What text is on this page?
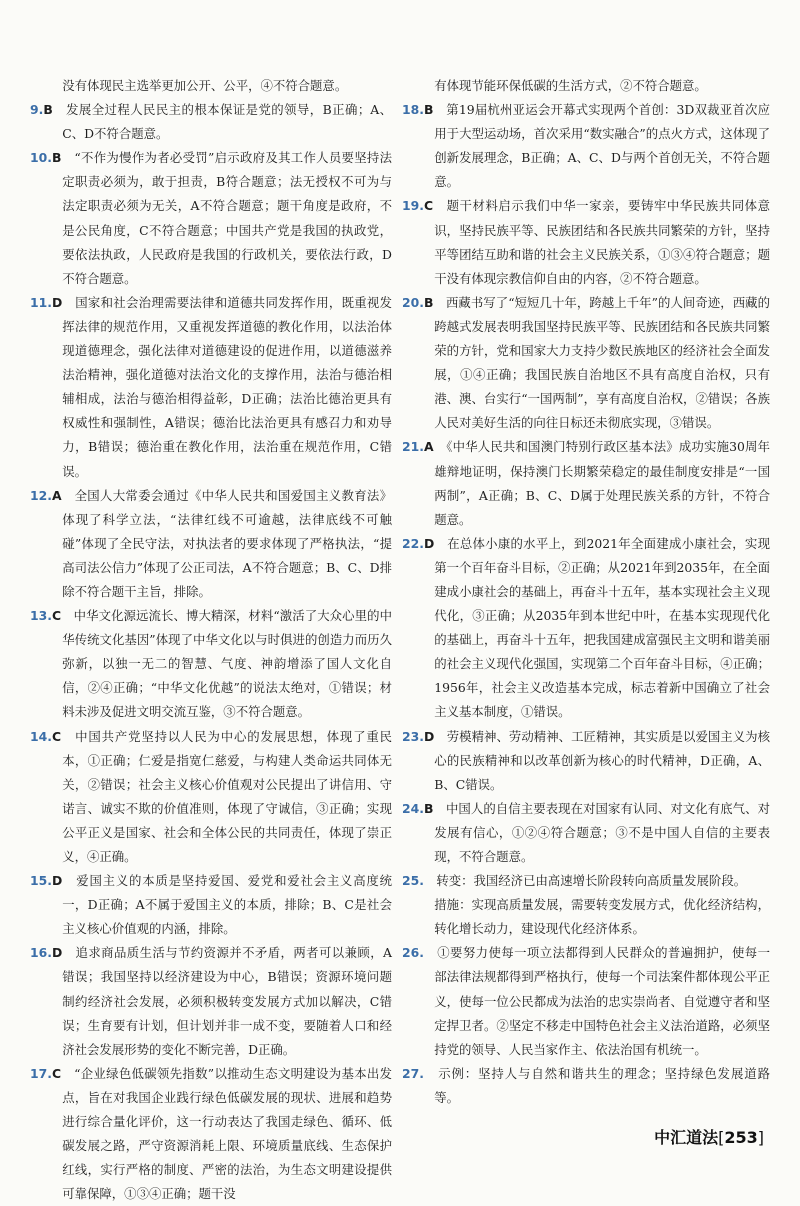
没有体现民主选举更加公开、公平，④不符合题意。

9.B　 发展全过程人民民主的根本保证是党的领导，B正确；A、C、D不符合题意。

10.B　 “不作为慢作为者必受罚”启示政府及其工作人员要坚持法定职责必须为，敢于担责，B符合题意；法无授权不可为与法定职责必须为无关，A不符合题意；题干角度是政府，不是公民角度，C不符合题意；中国共产党是我国的执政党，要依法执政，人民政府是我国的行政机关，要依法行政，D不符合题意。

11.D　 国家和社会治理需要法律和道德共同发挥作用，既重视发挥法律的规范作用，又重视发挥道德的教化作用，以法治体现道德理念，强化法律对道德建设的促进作用，以道德滋养法治精神，强化道德对法治文化的支撑作用，法治与德治相辅相成，法治与德治相得益彰，D正确；法治比德治更具有权威性和强制性，A错误；德治比法治更具有感召力和劝导力，B错误；德治重在教化作用，法治重在规范作用，C错误。

12.A　 全国人大常委会通过《中华人民共和国爱国主义教育法》体现了科学立法，“法律红线不可逾越，法律底线不可触碰”体现了全民守法，对执法者的要求体现了严格执法，“提高司法公信力”体现了公正司法，A不符合题意；B、C、D排除不符合题干主旨，排除。

13.C　 中华文化源远流长、博大精深，材料“激活了大众心里的中华传统文化基因”体现了中华文化以与时俱进的创造力而历久弥新，以独一无二的智慧、气度、神韵增添了国人文化自信，②④正确；“中华文化优越”的说法太绝对，①错误；材料未涉及促进文明交流互鉴，③不符合题意。

14.C　 中国共产党坚持以人民为中心的发展思想，体现了重民本，①正确；仁爱是指宽仁慈爱，与构建人类命运共同体无关，②错误；社会主义核心价值观对公民提出了讲信用、守诺言、诚实不欺的价值准则，体现了守诚信，③正确；实现公平正义是国家、社会和全体公民的共同责任，体现了崇正义，④正确。

15.D　 爱国主义的本质是坚持爱国、爱党和爱社会主义高度统一，D正确；A不属于爱国主义的本质，排除；B、C是社会主义核心价值观的内涵，排除。

16.D　 追求商品质生活与节约资源并不矛盾，两者可以兼顾，A错误；我国坚持以经济建设为中心，B错误；资源环境问题制约经济社会发展，必须积极转变发展方式加以解决，C错误；生育要有计划，但计划并非一成不变，要随着人口和经济社会发展形势的变化不断完善，D正确。

17.C　 “企业绿色低碳领先指数”以推动生态文明建设为基本出发点，旨在对我国企业践行绿色低碳发展的现状、进展和趋势进行综合量化评价，这一行动表达了我国走绿色、循环、低碳发展之路，严守资源消耗上限、环境质量底线、生态保护红线，实行严格的制度、严密的法治，为生态文明建设提供可靠保障，①③④正确；题干没

有体现节能环保低碳的生活方式，②不符合题意。

18.B　 第19届杭州亚运会开幕式实现两个首创：3D双裁亚首次应用于大型运动场，首次采用“数实融合”的点火方式，这体现了创新发展理念，B正确；A、C、D与两个首创无关，不符合题意。

19.C　 题干材料启示我们中华一家亲，要铸牢中华民族共同体意识，坚持民族平等、民族团结和各民族共同繁荣的方针，坚持平等团结互助和谐的社会主义民族关系，①③④符合题意；题干没有体现宗教信仰自由的内容，②不符合题意。

20.B　 西藏书写了“短短几十年，跨越上千年”的人间奇迹，西藏的跨越式发展表明我国坚持民族平等、民族团结和各民族共同繁荣的方针，党和国家大力支持少数民族地区的经济社会全面发展，①④正确；我国民族自治地区不具有高度自治权，只有港、澳、台实行“一国两制”，享有高度自治权，②错误；各族人民对美好生活的向往日标还未彻底实现，③错误。

21.A　 《中华人民共和国澳门特别行政区基本法》成功实施30周年雄辩地证明，保持澳门长期繁荣稳定的最佳制度安排是“一国两制”，A正确；B、C、D属于处理民族关系的方针，不符合题意。

22.D　 在总体小康的水平上，到2021年全面建成小康社会，实现第一个百年奋斗目标，②正确；从2021年到2035年，在全面建成小康社会的基础上，再奋斗十五年，基本实现社会主义现代化，③正确；从2035年到本世纪中叶，在基本实现现代化的基础上，再奋斗十五年，把我国建成富强民主文明和谐美丽的社会主义现代化强国，实现第二个百年奋斗目标，④正确；1956年，社会主义改造基本完成，标志着新中国确立了社会主义基本制度，①错误。

23.D　 劳模精神、劳动精神、工匠精神，其实质是以爱国主义为核心的民族精神和以改革创新为核心的时代精神，D正确，A、B、C错误。

24.B　 中国人的自信主要表现在对国家有认同、对文化有底气、对发展有信心，①②④符合题意；③不是中国人自信的主要表现，不符合题意。

25.　 转变：我国经济已由高速增长阶段转向高质量发展阶段。

措施：实现高质量发展，需要转变发展方式，优化经济结构，转化增长动力，建设现代化经济体系。

26.　 ①要努力使每一项立法都得到人民群众的普遍拥护，使每一部法律法规都得到严格执行，使每一个司法案件都体现公平正义，使每一位公民都成为法治的忠实崇尚者、自觉遵守者和坚定捍卫者。②坚定不移走中国特色社会主义法治道路，必须坚持党的领导、人民当家作主、依法治国有机统一。

27.　 示例：坚持人与自然和谐共生的理念；坚持绿色发展道路等。

中汇道法[253]
